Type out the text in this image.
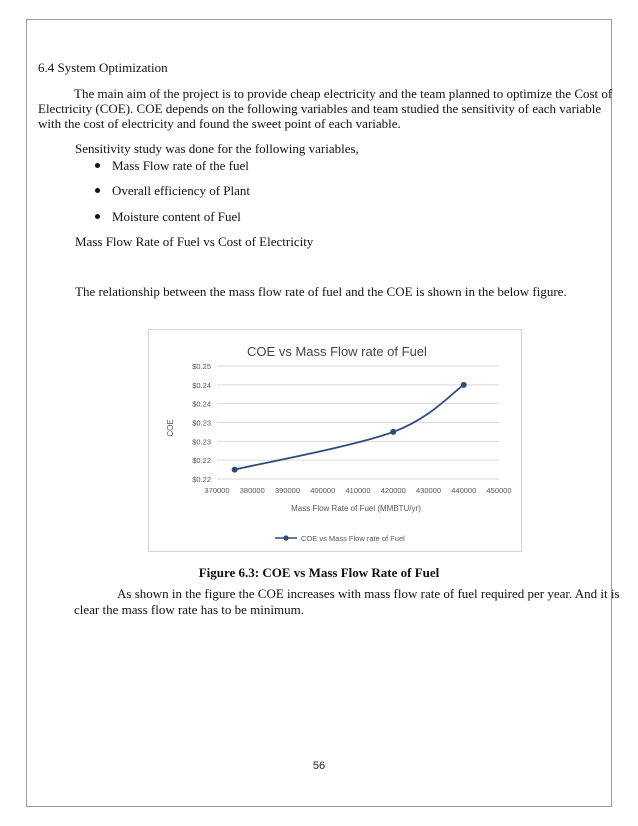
6.4 System Optimization
The main aim of the project is to provide cheap electricity and the team planned to optimize the Cost of
Electricity (COE). COE depends on the following variables and team studied the sensitivity of each variable
with the cost of electricity and found the sweet point of each variable.
Sensitivity study was done for the following variables,
Mass Flow rate of the fuel
Overall efficiency of Plant
Moisture content of Fuel
Mass Flow Rate of Fuel vs Cost of Electricity
The relationship between the mass flow rate of fuel and the COE is shown in the below figure.
COE vs Mass Flow rate of Fuel
$0.22
$0.22
$0.23
$0.23
$0.24
$0.24
$0.25
370000 380000 390000 400000 410000 420000 430000 440000 450000
COE
Mass Flow Rate of Fuel (MMBTU/yr)
COE vs Mass Flow rate of Fuel
Figure 6.3: COE vs Mass Flow Rate of Fuel
As shown in the figure the COE increases with mass flow rate of fuel required per year. And it is
clear the mass flow rate has to be minimum.
56
